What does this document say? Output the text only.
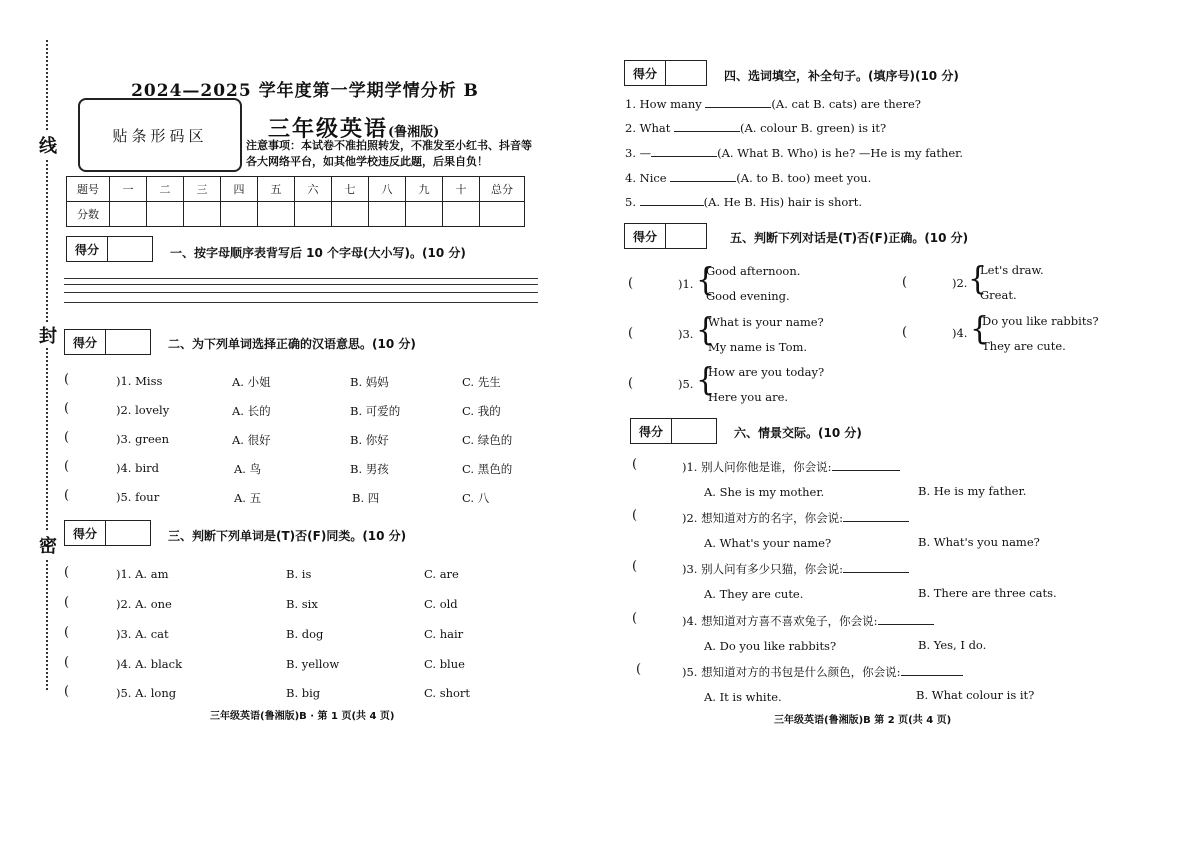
线
封
密
2024—2025 学年度第一学期学情分析 B
贴条形码区	三年级英语(鲁湘版)
注意事项：本试卷不准拍照转发，不准发至小红书、抖音等各大网络平台，如其他学校违反此题，后果自负！
题号	一	二	三	四	五	六	七	八	九	十	总分
分数											
得分	一、按字母顺序表背写后 10 个字母(大小写)。(10 分)
得分	二、为下列单词选择正确的汉语意思。(10 分)
(	)1. Miss	A. 小姐	B. 妈妈	C. 先生
(	)2. lovely	A. 长的	B. 可爱的	C. 我的
(	)3. green	A. 很好	B. 你好	C. 绿色的
(	)4. bird	A. 鸟	B. 男孩	C. 黑色的
(	)5. four	A. 五	B. 四	C. 八
得分	三、判断下列单词是(T)否(F)同类。(10 分)
(	)1. A. am	B. is	C. are
(	)2. A. one	B. six	C. old
(	)3. A. cat	B. dog	C. hair
(	)4. A. black	B. yellow	C. blue
(	)5. A. long	B. big	C. short
三年级英语(鲁湘版)B · 第 1 页(共 4 页)
得分	四、选词填空，补全句子。(填序号)(10 分)
1. How many	(A. cat B. cats) are there?
2. What	(A. colour B. green) is it?
3. —	(A. What B. Who) is he? —He is my father.
4. Nice	(A. to B. too) meet you.
5.	(A. He B. His) hair is short.
得分	五、判断下列对话是(T)否(F)正确。(10 分)
(	)1. {
Good afternoon.
Good evening.
(	)2. {
Let's draw.
Great.
(	)3. {
What is your name?
My name is Tom.
(	)4. {
Do you like rabbits?
They are cute.
(	)5. {
How are you today?
Here you are.
得分	六、情景交际。(10 分)
(	)1. 别人问你他是谁，你会说:
A. She is my mother.	B. He is my father.
(	)2. 想知道对方的名字，你会说:
A. What's your name?	B. What's you name?
(	)3. 别人问有多少只猫，你会说:
A. They are cute.	B. There are three cats.
(	)4. 想知道对方喜不喜欢兔子，你会说:
A. Do you like rabbits?	B. Yes, I do.
(	)5. 想知道对方的书包是什么颜色，你会说:
A. It is white.	B. What colour is it?
三年级英语(鲁湘版)B 第 2 页(共 4 页)
